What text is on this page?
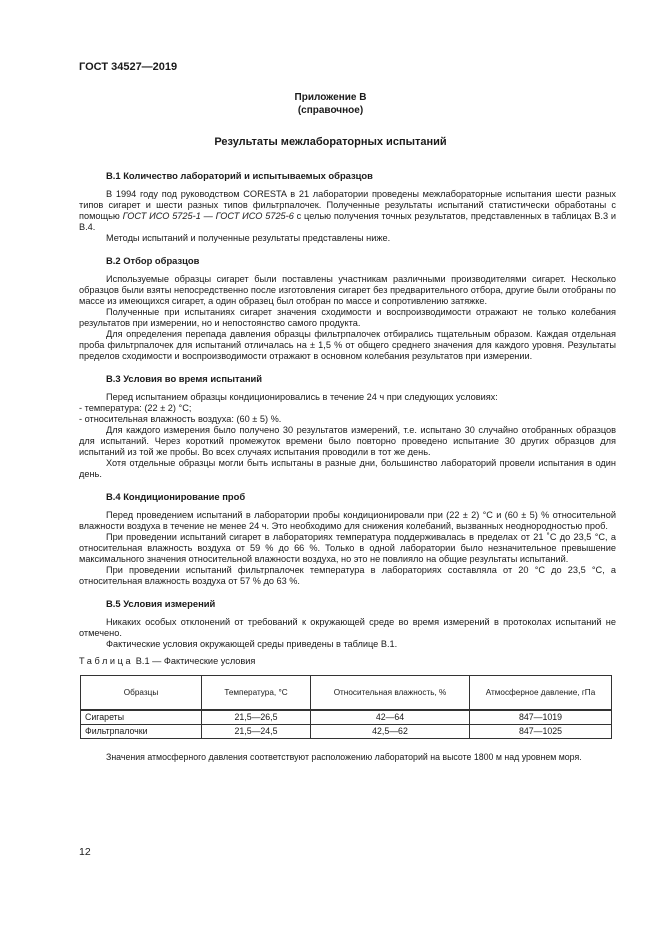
ГОСТ 34527—2019
Приложение В
(справочное)
Результаты межлабораторных испытаний
В.1 Количество лабораторий и испытываемых образцов

В 1994 году под руководством CORESTA в 21 лаборатории проведены межлабораторные испытания шести разных типов сигарет и шести разных типов фильтрпалочек. Полученные результаты испытаний статистически обработаны с помощью ГОСТ ИСО 5725-1 — ГОСТ ИСО 5725-6 с целью получения точных результатов, представленных в таблицах В.3 и В.4.

Методы испытаний и полученные результаты представлены ниже.

В.2 Отбор образцов

Используемые образцы сигарет были поставлены участникам различными производителями сигарет. Несколько образцов были взяты непосредственно после изготовления сигарет без предварительного отбора, другие были отобраны по массе из имеющихся сигарет, а один образец был отобран по массе и сопротивлению затяжке.

Полученные при испытаниях сигарет значения сходимости и воспроизводимости отражают не только колебания результатов при измерении, но и непостоянство самого продукта.

Для определения перепада давления образцы фильтрпалочек отбирались тщательным образом. Каждая отдельная проба фильтрпалочек для испытаний отличалась на ± 1,5 % от общего среднего значения для каждого уровня. Результаты пределов сходимости и воспроизводимости отражают в основном колебания результатов при измерении.

В.3 Условия во время испытаний

Перед испытанием образцы кондиционировались в течение 24 ч при следующих условиях:

- температура: (22 ± 2) °С;

- относительная влажность воздуха: (60 ± 5) %.

Для каждого измерения было получено 30 результатов измерений, т.е. испытано 30 случайно отобранных образцов для испытаний. Через короткий промежуток времени было повторно проведено испытание 30 других образцов для испытаний из той же пробы. Во всех случаях испытания проводили в тот же день.

Хотя отдельные образцы могли быть испытаны в разные дни, большинство лабораторий провели испытания в один день.

В.4 Кондиционирование проб

Перед проведением испытаний в лаборатории пробы кондиционировали при (22 ± 2) °С и (60 ± 5) % относительной влажности воздуха в течение не менее 24 ч. Это необходимо для снижения колебаний, вызванных неоднородностью проб.

При проведении испытаний сигарет в лабораториях температура поддерживалась в пределах от 21 ˚С до 23,5 °С, а относительная влажность воздуха от 59 % до 66 %. Только в одной лаборатории было незначительное превышение максимального значения относительной влажности воздуха, но это не повлияло на общие результаты испытаний.

При проведении испытаний фильтрпалочек температура в лабораториях составляла от 20 °С до 23,5 °С, а относительная влажность воздуха от 57 % до 63 %.

В.5 Условия измерений

Никаких особых отклонений от требований к окружающей среде во время измерений в протоколах испытаний не отмечено.

Фактические условия окружающей среды приведены в таблице В.1.

Таблица В.1 — Фактические условия
Образцы	Температура, °С	Относительная влажность, %	Атмосферное давление, гПа
Сигареты	21,5—26,5	42—64	847—1019
Фильтрпалочки	21,5—24,5	42,5—62	847—1025

Значения атмосферного давления соответствуют расположению лабораторий на высоте 1800 м над уровнем моря.

12
